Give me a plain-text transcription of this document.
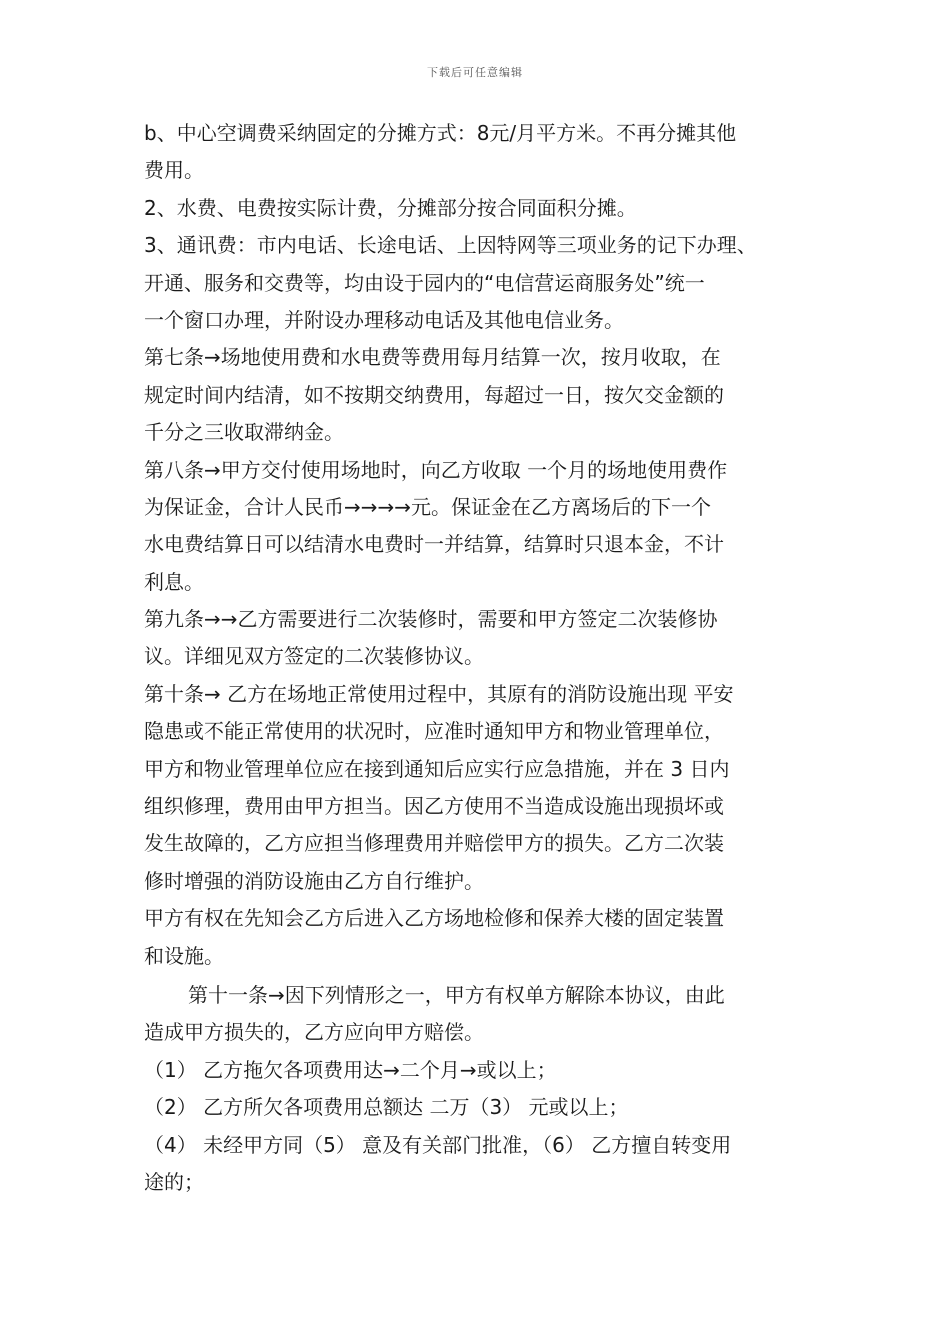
下载后可任意编辑
b、中心空调费采纳固定的分摊方式：8元/月平方米。不再分摊其他
费用。
2、水费、电费按实际计费，分摊部分按合同面积分摊。
3、通讯费：市内电话、长途电话、上因特网等三项业务的记下办理、
开通、服务和交费等，均由设于园内的“电信营运商服务处”统一
一个窗口办理，并附设办理移动电话及其他电信业务。
第七条→场地使用费和水电费等费用每月结算一次，按月收取，在
规定时间内结清，如不按期交纳费用，每超过一日，按欠交金额的
千分之三收取滞纳金。
第八条→甲方交付使用场地时，向乙方收取 一个月的场地使用费作
为保证金，合计人民币→→→→元。保证金在乙方离场后的下一个
水电费结算日可以结清水电费时一并结算，结算时只退本金，不计
利息。
第九条→→乙方需要进行二次装修时，需要和甲方签定二次装修协
议。详细见双方签定的二次装修协议。
第十条→ 乙方在场地正常使用过程中，其原有的消防设施出现 平安
隐患或不能正常使用的状况时，应准时通知甲方和物业管理单位，
甲方和物业管理单位应在接到通知后应实行应急措施，并在 3 日内
组织修理，费用由甲方担当。因乙方使用不当造成设施出现损坏或
发生故障的，乙方应担当修理费用并赔偿甲方的损失。乙方二次装
修时增强的消防设施由乙方自行维护。
甲方有权在先知会乙方后进入乙方场地检修和保养大楼的固定装置
和设施。
第十一条→因下列情形之一，甲方有权单方解除本协议，由此
造成甲方损失的，乙方应向甲方赔偿。
（1） 乙方拖欠各项费用达→二个月→或以上；
（2） 乙方所欠各项费用总额达 二万（3） 元或以上；
（4） 未经甲方同（5） 意及有关部门批准，（6） 乙方擅自转变用
途的；
